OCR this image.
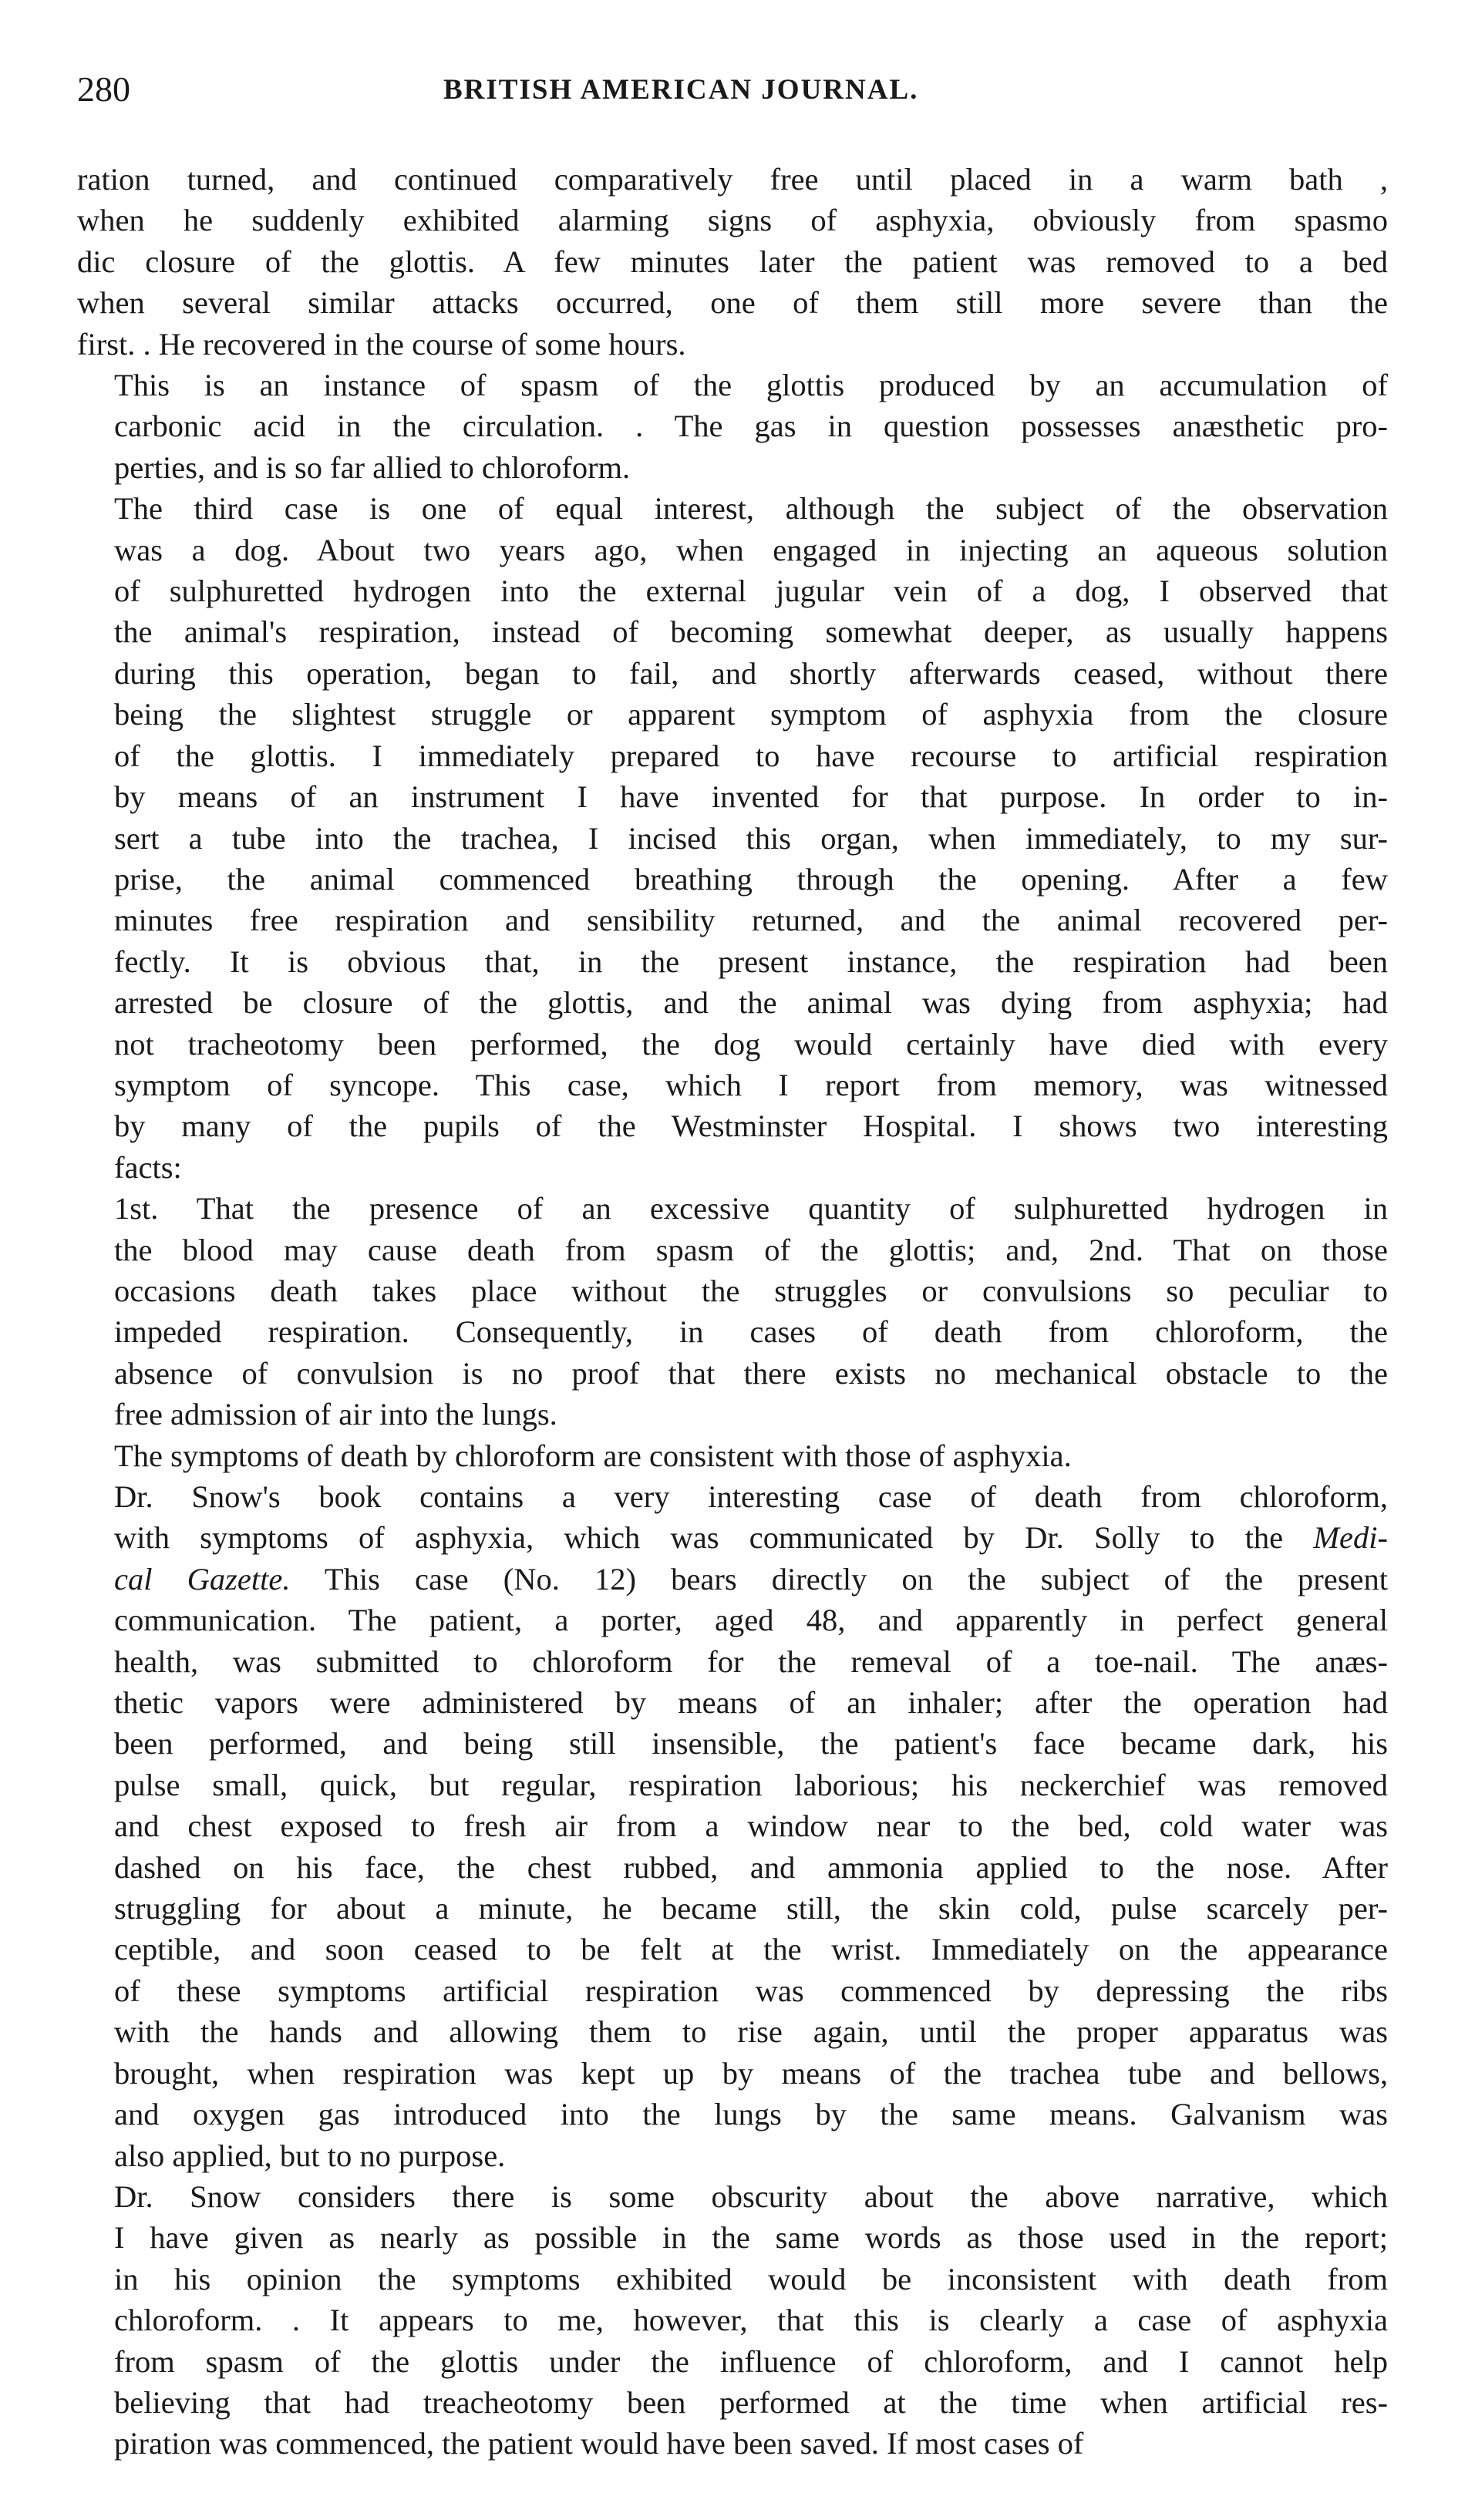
280	BRITISH AMERICAN JOURNAL.

ration turned, and continued comparatively free until placed in a warm bath ,
when he suddenly exhibited alarming signs of asphyxia, obviously from spasmo
dic closure of the glottis. A few minutes later the patient was removed to a bed
when several similar attacks occurred, one of them still more severe than the
first. . He recovered in the course of some hours.

This is an instance of spasm of the glottis produced by an accumulation of
carbonic acid in the circulation. . The gas in question possesses anæsthetic pro-
perties, and is so far allied to chloroform.

The third case is one of equal interest, although the subject of the observation
was a dog. About two years ago, when engaged in injecting an aqueous solution
of sulphuretted hydrogen into the external jugular vein of a dog, I observed that
the animal's respiration, instead of becoming somewhat deeper, as usually happens
during this operation, began to fail, and shortly afterwards ceased, without there
being the slightest struggle or apparent symptom of asphyxia from the closure
of the glottis. I immediately prepared to have recourse to artificial respiration
by means of an instrument I have invented for that purpose. In order to in-
sert a tube into the trachea, I incised this organ, when immediately, to my sur-
prise, the animal commenced breathing through the opening. After a few
minutes free respiration and sensibility returned, and the animal recovered per-
fectly. It is obvious that, in the present instance, the respiration had been
arrested be closure of the glottis, and the animal was dying from asphyxia; had
not tracheotomy been performed, the dog would certainly have died with every
symptom of syncope. This case, which I report from memory, was witnessed
by many of the pupils of the Westminster Hospital. I shows two interesting
facts:

1st. That the presence of an excessive quantity of sulphuretted hydrogen in
the blood may cause death from spasm of the glottis; and, 2nd. That on those
occasions death takes place without the struggles or convulsions so peculiar to
impeded respiration. Consequently, in cases of death from chloroform, the
absence of convulsion is no proof that there exists no mechanical obstacle to the
free admission of air into the lungs.

The symptoms of death by chloroform are consistent with those of asphyxia.

Dr. Snow's book contains a very interesting case of death from chloroform,
with symptoms of asphyxia, which was communicated by Dr. Solly to the Medi-
cal Gazette. This case (No. 12) bears directly on the subject of the present
communication. The patient, a porter, aged 48, and apparently in perfect general
health, was submitted to chloroform for the remeval of a toe-nail. The anæs-
thetic vapors were administered by means of an inhaler; after the operation had
been performed, and being still insensible, the patient's face became dark, his
pulse small, quick, but regular, respiration laborious; his neckerchief was removed
and chest exposed to fresh air from a window near to the bed, cold water was
dashed on his face, the chest rubbed, and ammonia applied to the nose. After
struggling for about a minute, he became still, the skin cold, pulse scarcely per-
ceptible, and soon ceased to be felt at the wrist. Immediately on the appearance
of these symptoms artificial respiration was commenced by depressing the ribs
with the hands and allowing them to rise again, until the proper apparatus was
brought, when respiration was kept up by means of the trachea tube and bellows,
and oxygen gas introduced into the lungs by the same means. Galvanism was
also applied, but to no purpose.

Dr. Snow considers there is some obscurity about the above narrative, which
I have given as nearly as possible in the same words as those used in the report;
in his opinion the symptoms exhibited would be inconsistent with death from
chloroform. . It appears to me, however, that this is clearly a case of asphyxia
from spasm of the glottis under the influence of chloroform, and I cannot help
believing that had treacheotomy been performed at the time when artificial res-
piration was commenced, the patient would have been saved. If most cases of
